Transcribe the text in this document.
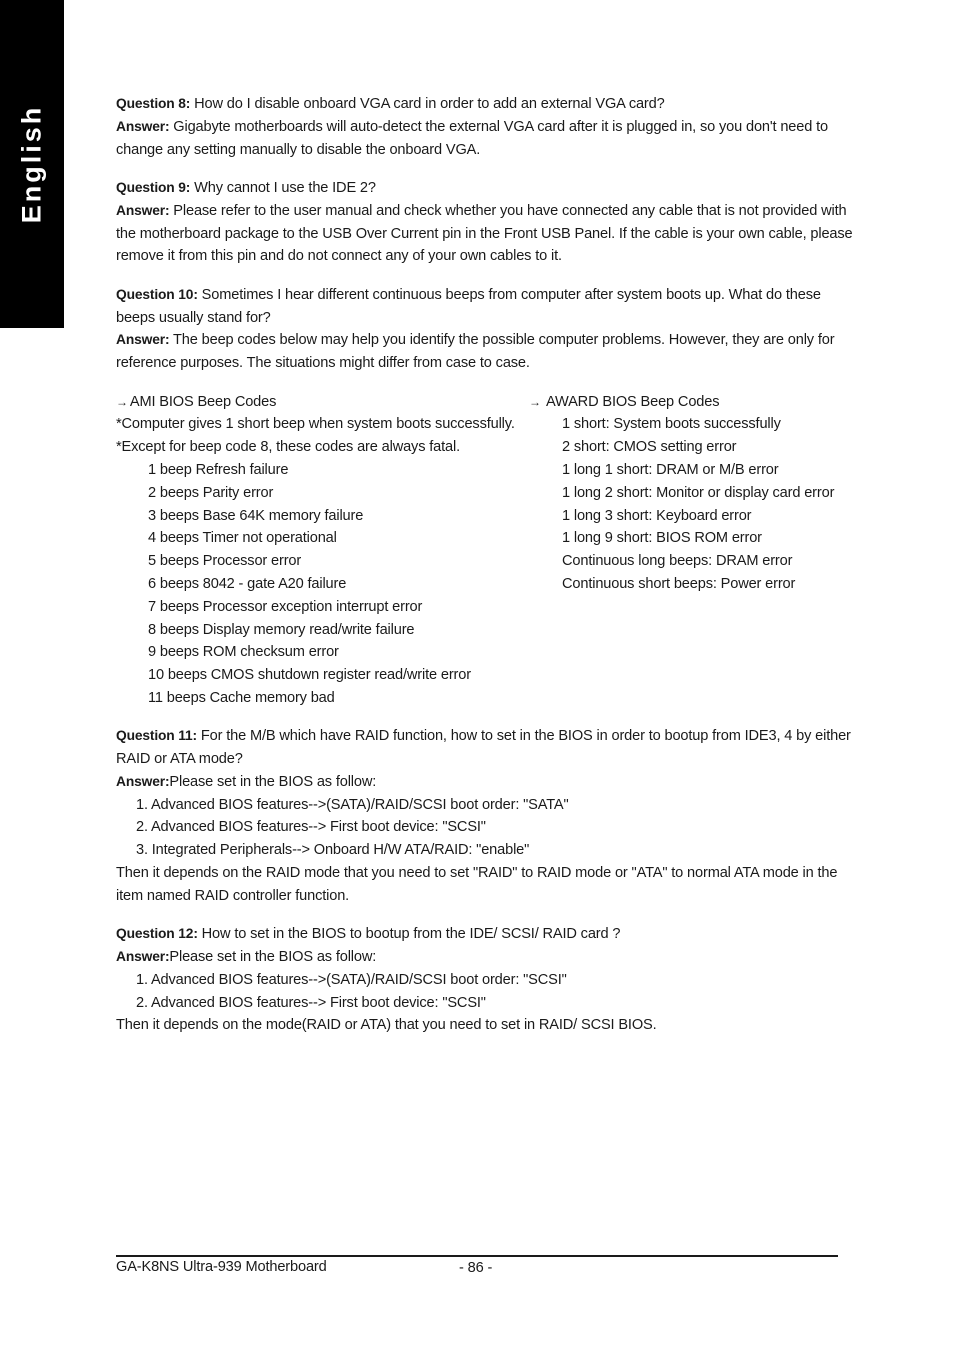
English
Question 8: How do I disable onboard VGA card in order to add an external VGA card?
Answer: Gigabyte motherboards will auto-detect the external VGA card after it is plugged in, so you don't need to
change any setting manually to disable the onboard VGA.
Question 9: Why cannot I use the IDE 2?
Answer: Please refer to the user manual and check whether you have connected any cable that is not provided with
the motherboard package to the USB Over Current pin in the Front USB Panel. If the cable is your own cable, please
remove it from this pin and do not connect any of your own cables to it.
Question 10: Sometimes I hear different continuous beeps from computer after system boots up. What do these
beeps usually stand for?
Answer: The beep codes below may help you identify the possible computer problems. However, they are only for
reference purposes. The situations might differ from case to case.
→ AMI BIOS Beep Codes
*Computer gives 1 short beep when system boots successfully.
*Except for beep code 8, these codes are always fatal.
1 beep Refresh failure
2 beeps Parity error
3 beeps Base 64K memory failure
4 beeps Timer not operational
5 beeps Processor error
6 beeps 8042 - gate A20 failure
7 beeps Processor exception interrupt error
8 beeps Display memory read/write failure
9 beeps ROM checksum error
10 beeps CMOS shutdown register read/write error
11 beeps Cache memory bad
→ AWARD BIOS Beep Codes
1 short: System boots successfully
2 short: CMOS setting error
1 long 1 short: DRAM or M/B error
1 long 2 short: Monitor or display card error
1 long 3 short: Keyboard error
1 long 9 short: BIOS ROM error
Continuous long beeps: DRAM error
Continuous short beeps: Power error
Question 11: For the M/B which have RAID function, how to set in the BIOS in order to bootup from IDE3, 4 by either
RAID or ATA mode?
Answer:Please set in the BIOS as follow:
1. Advanced BIOS features-->(SATA)/RAID/SCSI boot order: "SATA"
2. Advanced BIOS features--> First boot device: "SCSI"
3. Integrated Peripherals--> Onboard H/W ATA/RAID: "enable"
Then it depends on the RAID mode that you need to set "RAID" to RAID mode or "ATA" to normal ATA mode in the
item named RAID controller function.
Question 12: How to set in the BIOS to bootup from the IDE/ SCSI/ RAID card ?
Answer:Please set in the BIOS as follow:
1. Advanced BIOS features-->(SATA)/RAID/SCSI boot order: "SCSI"
2. Advanced BIOS features--> First boot device: "SCSI"
Then it depends on the mode(RAID or ATA) that you need to set in RAID/ SCSI BIOS.
GA-K8NS Ultra-939 Motherboard	- 86 -
